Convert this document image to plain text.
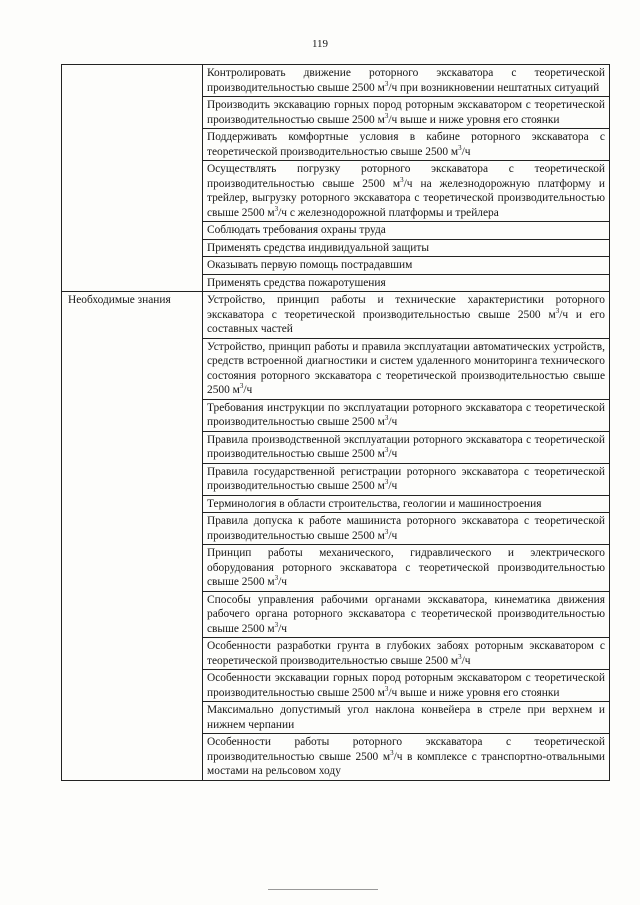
119
	Контролировать движение роторного экскаватора с теоретической производительностью свыше 2500 $м^3/ч$ при возникновении нештатных ситуаций
	Производить экскавацию горных пород роторным экскаватором с теоретической производительностью свыше 2500 $м^3/ч$ выше и ниже уровня его стоянки
	Поддерживать комфортные условия в кабине роторного экскаватора с теоретической производительностью свыше 2500 $м^3/ч$
	Осуществлять погрузку роторного экскаватора с теоретической производительностью свыше 2500 $м^3/ч$ на железнодорожную платформу и трейлер, выгрузку роторного экскаватора с теоретической производительностью свыше 2500 $м^3/ч$ с железнодорожной платформы и трейлера
	Соблюдать требования охраны труда
	Применять средства индивидуальной защиты
	Оказывать первую помощь пострадавшим
	Применять средства пожаротушения
Необходимые знания	Устройство, принцип работы и технические характеристики роторного экскаватора с теоретической производительностью свыше 2500 $м^3/ч$ и его составных частей
	Устройство, принцип работы и правила эксплуатации автоматических устройств, средств встроенной диагностики и систем удаленного мониторинга технического состояния роторного экскаватора с теоретической производительностью свыше 2500 $м^3/ч$
	Требования инструкции по эксплуатации роторного экскаватора с теоретической производительностью свыше 2500 $м^3/ч$
	Правила производственной эксплуатации роторного экскаватора с теоретической производительностью свыше 2500 $м^3/ч$
	Правила государственной регистрации роторного экскаватора с теоретической производительностью свыше 2500 $м^3/ч$
	Терминология в области строительства, геологии и машиностроения
	Правила допуска к работе машиниста роторного экскаватора с теоретической производительностью свыше 2500 $м^3/ч$
	Принцип работы механического, гидравлического и электрического оборудования роторного экскаватора с теоретической производительностью свыше 2500 $м^3/ч$
	Способы управления рабочими органами экскаватора, кинематика движения рабочего органа роторного экскаватора с теоретической производительностью свыше 2500 $м^3/ч$
	Особенности разработки грунта в глубоких забоях роторным экскаватором с теоретической производительностью свыше 2500 $м^3/ч$
	Особенности экскавации горных пород роторным экскаватором с теоретической производительностью свыше 2500 $м^3/ч$ выше и ниже уровня его стоянки
	Максимально допустимый угол наклона конвейера в стреле при верхнем и нижнем черпании
	Особенности работы роторного экскаватора с теоретической производительностью свыше 2500 $м^3/ч$ в комплексе с транспортно-отвальными мостами на рельсовом ходу
